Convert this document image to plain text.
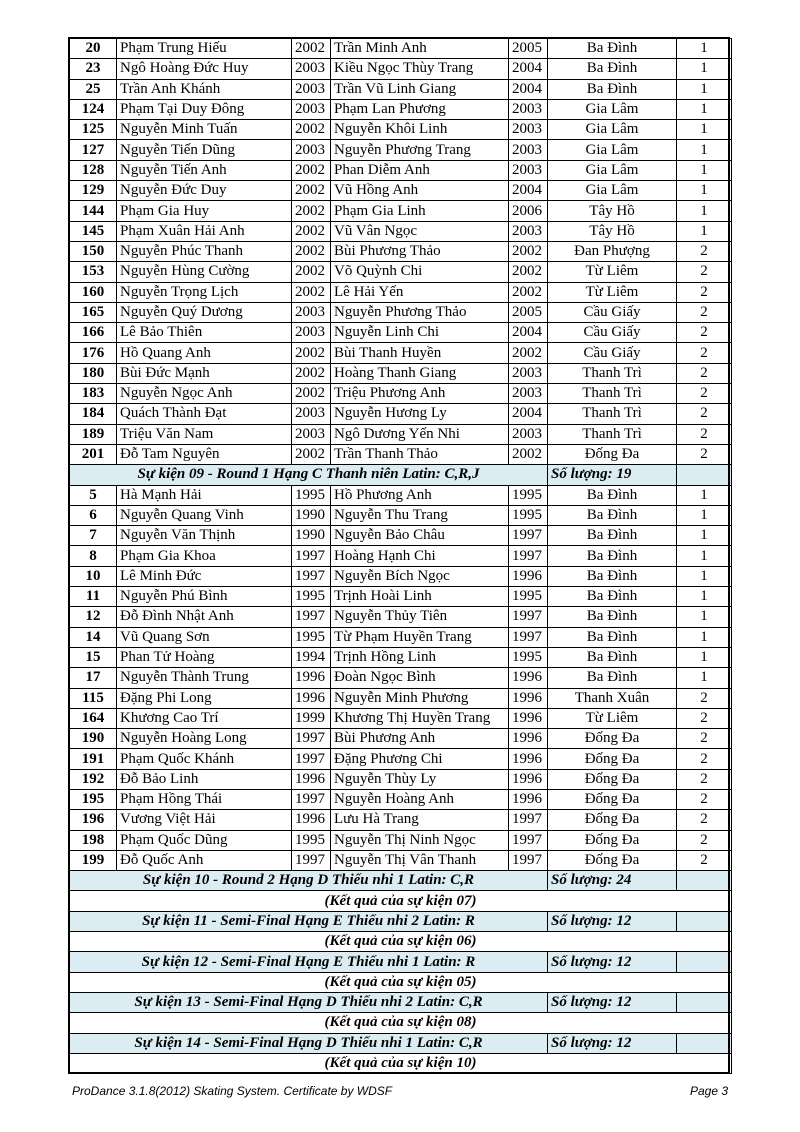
20	Phạm Trung Hiếu	2002	Trần Minh Anh	2005	Ba Đình	1
23	Ngô Hoàng Đức Huy	2003	Kiều Ngọc Thùy Trang	2004	Ba Đình	1
25	Trần Anh Khánh	2003	Trần Vũ Linh Giang	2004	Ba Đình	1
124	Phạm Tại Duy Đông	2003	Phạm Lan Phương	2003	Gia Lâm	1
125	Nguyễn Minh Tuấn	2002	Nguyễn Khôi Linh	2003	Gia Lâm	1
127	Nguyễn Tiến Dũng	2003	Nguyễn Phương Trang	2003	Gia Lâm	1
128	Nguyễn Tiến Anh	2002	Phan Diễm Anh	2003	Gia Lâm	1
129	Nguyễn Đức Duy	2002	Vũ Hồng Anh	2004	Gia Lâm	1
144	Phạm Gia Huy	2002	Phạm Gia Linh	2006	Tây Hồ	1
145	Phạm Xuân Hải Anh	2002	Vũ Vân Ngọc	2003	Tây Hồ	1
150	Nguyễn Phúc Thanh	2002	Bùi Phương Thảo	2002	Đan Phượng	2
153	Nguyễn Hùng Cường	2002	Võ Quỳnh Chi	2002	Từ Liêm	2
160	Nguyễn Trọng Lịch	2002	Lê Hải Yến	2002	Từ Liêm	2
165	Nguyễn Quý Dương	2003	Nguyễn Phương Thảo	2005	Cầu Giấy	2
166	Lê Bảo Thiên	2003	Nguyễn Linh Chi	2004	Cầu Giấy	2
176	Hồ Quang Anh	2002	Bùi Thanh Huyền	2002	Cầu Giấy	2
180	Bùi Đức Mạnh	2002	Hoàng Thanh Giang	2003	Thanh Trì	2
183	Nguyễn Ngọc Anh	2002	Triệu Phương Anh	2003	Thanh Trì	2
184	Quách Thành Đạt	2003	Nguyễn Hương Ly	2004	Thanh Trì	2
189	Triệu Văn Nam	2003	Ngô Dương Yến Nhi	2003	Thanh Trì	2
201	Đỗ Tam Nguyên	2002	Trần Thanh Thảo	2002	Đống Đa	2
Sự kiện 09 - Round 1 Hạng C Thanh niên Latin: C,R,J					Số lượng: 19	
5	Hà Mạnh Hải	1995	Hồ Phương Anh	1995	Ba Đình	1
6	Nguyễn Quang Vinh	1990	Nguyễn Thu Trang	1995	Ba Đình	1
7	Nguyễn Văn Thịnh	1990	Nguyễn Bảo Châu	1997	Ba Đình	1
8	Phạm Gia Khoa	1997	Hoàng Hạnh Chi	1997	Ba Đình	1
10	Lê Minh Đức	1997	Nguyễn Bích Ngọc	1996	Ba Đình	1
11	Nguyễn Phú Bình	1995	Trịnh Hoài Linh	1995	Ba Đình	1
12	Đỗ Đình Nhật Anh	1997	Nguyễn Thủy Tiên	1997	Ba Đình	1
14	Vũ Quang Sơn	1995	Từ Phạm Huyền Trang	1997	Ba Đình	1
15	Phan Tử Hoàng	1994	Trịnh Hồng Linh	1995	Ba Đình	1
17	Nguyễn Thành Trung	1996	Đoàn Ngọc Bình	1996	Ba Đình	1
115	Đặng Phi Long	1996	Nguyễn Minh Phương	1996	Thanh Xuân	2
164	Khương Cao Trí	1999	Khương Thị Huyền Trang	1996	Từ Liêm	2
190	Nguyễn Hoàng Long	1997	Bùi Phương Anh	1996	Đống Đa	2
191	Phạm Quốc Khánh	1997	Đặng Phương Chi	1996	Đống Đa	2
192	Đỗ Bảo Linh	1996	Nguyễn Thùy Ly	1996	Đống Đa	2
195	Phạm Hồng Thái	1997	Nguyễn Hoàng Anh	1996	Đống Đa	2
196	Vương Việt Hải	1996	Lưu Hà Trang	1997	Đống Đa	2
198	Phạm Quốc Dũng	1995	Nguyễn Thị Ninh Ngọc	1997	Đống Đa	2
199	Đỗ Quốc Anh	1997	Nguyễn Thị Vân Thanh	1997	Đống Đa	2
Sự kiện 10 - Round 2 Hạng D Thiếu nhi 1 Latin: C,R					Số lượng: 24	
(Kết quả của sự kiện 07)						
Sự kiện 11 - Semi-Final Hạng E Thiếu nhi 2 Latin: R					Số lượng: 12	
(Kết quả của sự kiện 06)						
Sự kiện 12 - Semi-Final Hạng E Thiếu nhi 1 Latin: R					Số lượng: 12	
(Kết quả của sự kiện 05)						
Sự kiện 13 - Semi-Final Hạng D Thiếu nhi 2 Latin: C,R					Số lượng: 12	
(Kết quả của sự kiện 08)						
Sự kiện 14 - Semi-Final Hạng D Thiếu nhi 1 Latin: C,R					Số lượng: 12	
(Kết quả của sự kiện 10)						
ProDance 3.1.8(2012) Skating System. Certificate by WDSF	Page 3
